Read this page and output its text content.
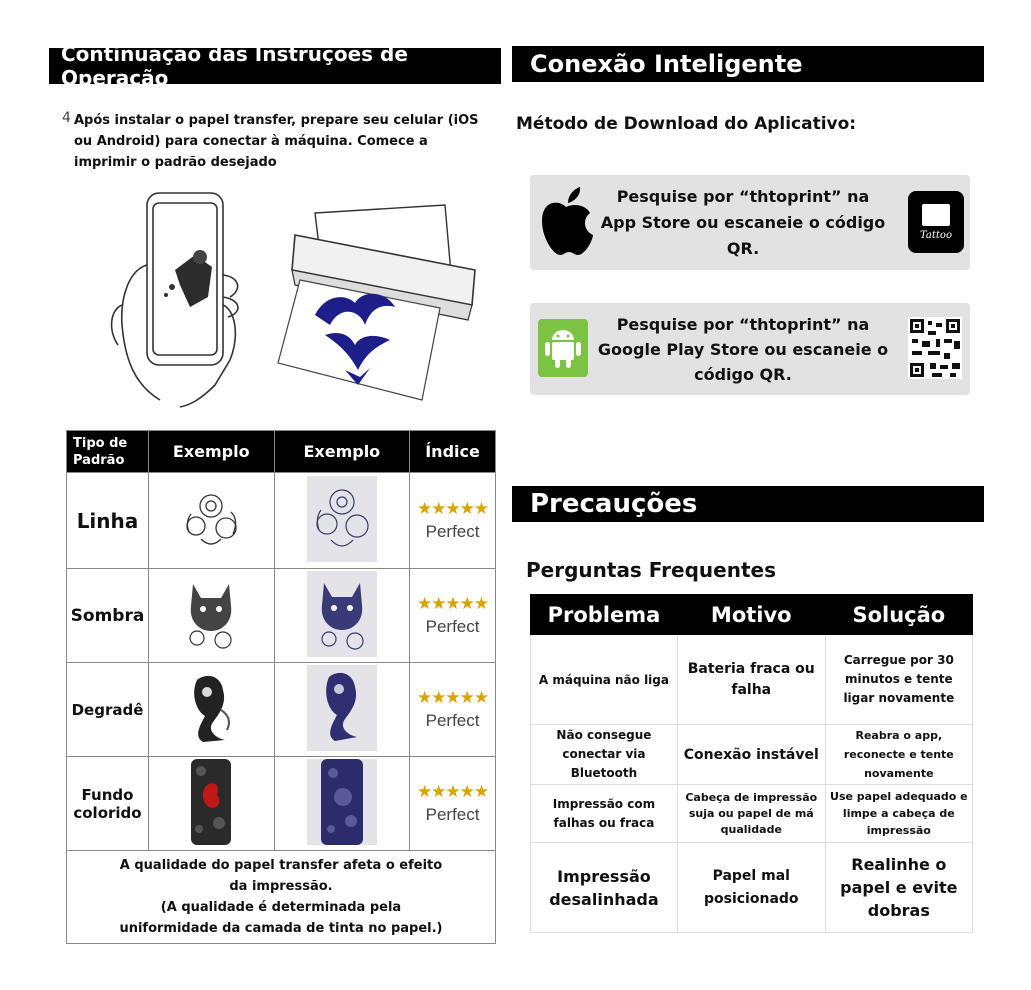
Continuação das Instruções de Operação
4 Após instalar o papel transfer, prepare seu celular (iOS ou Android) para conectar à máquina. Comece a imprimir o padrão desejado
Tipo de Padrão	Exemplo	Exemplo	Índice
Linha			★★★★★
Perfect

Sombra			★★★★★
Perfect

Degradê			★★★★★
Perfect

Fundo colorido			★★★★★
Perfect

A qualidade do papel transfer afeta o efeito da impressão.
(A qualidade é determinada pela uniformidade da camada de tinta no papel.)			
Conexão Inteligente
Método de Download do Aplicativo:
Pesquise por “thtoprint” na App Store ou escaneie o código QR.
Tattoo
Pesquise por “thtoprint” na Google Play Store ou escaneie o código QR.
Precauções
Perguntas Frequentes
Problema	Motivo	Solução
A máquina não liga	Bateria fraca ou falha	Carregue por 30 minutos e tente ligar novamente
Não consegue conectar via Bluetooth	Conexão instável	Reabra o app, reconecte e tente novamente
Impressão com falhas ou fraca	Cabeça de impressão suja ou papel de má qualidade	Use papel adequado e limpe a cabeça de impressão
Impressão desalinhada	Papel mal posicionado	Realinhe o papel e evite dobras
